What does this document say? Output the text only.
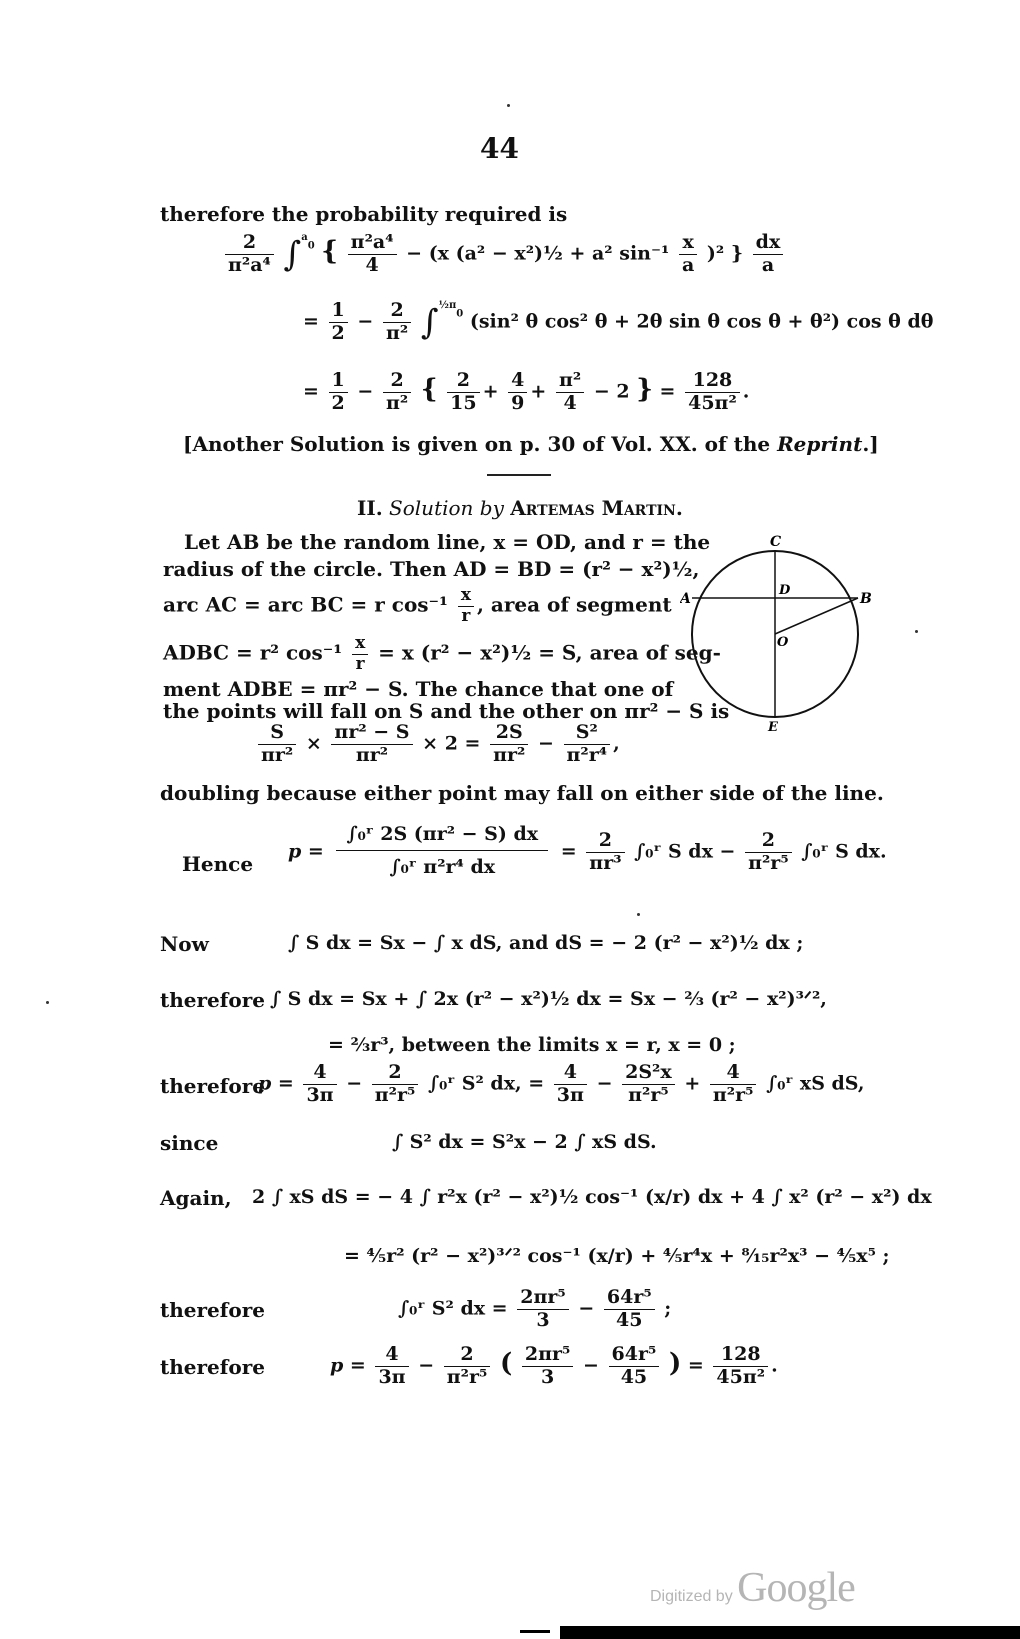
44
therefore the probability required is
$\frac{2}{\text{π²a⁴}} \int^{^a_0}$ { $\frac{\text{π²a⁴}}{4} - (x$ (a² − x²)½ + a² $\sin^{-1} \frac{x}{a} )^2$ } $\frac{dx}{a}$
= $\frac{1}{2} - \frac{2}{\text{π²}} \int^{^{\frac{1}{2}\pi}_0}$ (sin² θ cos² θ + 2θ sin θ cos θ + θ²) cos θ dθ
= $\frac{1}{2} - \frac{2}{\text{π²}}$ { $\frac{2}{15} + \frac{4}{9} + \frac{\text{π²}}{4} - 2$ } = $\frac{128}{\text{45π²}}$ .
[Another Solution is given on p. 30 of Vol. XX. of the Reprint.]
II. Solution by Artemas Martin.
Let AB be the random line, x = OD, and r = the
radius of the circle. Then AD = BD = (r² − x²)½,
arc AC = arc BC = r $\cos^{-1} \frac{x}{r}$ , area of segment
ADBC = r² $\cos^{-1} \frac{x}{r} = x$ (r² − x²)½ = S, area of seg-
ment ADBE = πr² − S. The chance that one of
the points will fall on S and the other on πr² − S is
C
D
A	B
O
E
$\frac{S}{\text{πr²}} \times \frac{\text{πr² − S}}{\text{πr²}} \times 2 = \frac{2S}{\text{πr²}} - \frac{\text{S²}}{\text{π²r⁴}}$ ,
doubling because either point may fall on either side of the line.
Hence
$p = \frac{\text{∫₀ʳ 2S (πr² − S) dx}}{\text{∫₀ʳ π²r⁴ dx}} = \frac{2}{\text{πr³}}$ ∫₀ʳ S dx − $\frac{2}{\text{π²r⁵}}$ ∫₀ʳ S dx.
Now	∫ S dx = Sx − ∫ x dS, and dS = − 2 (r² − x²)½ dx ;
therefore ∫ S dx = Sx + ∫ 2x (r² − x²)½ dx = Sx − ⅔ (r² − x²)³ᐟ²,
= ⅔r³, between the limits x = r, x = 0 ;
therefore
$p = \frac{4}{3\pi} - \frac{2}{\text{π²r⁵}}$ ∫₀ʳ S² dx, = $\frac{4}{3\pi} - \frac{\text{2S²x}}{\text{π²r⁵}} + \frac{4}{\text{π²r⁵}}$ ∫₀ʳ xS dS,
since	∫ S² dx = S²x − 2 ∫ xS dS.
Again, 2 ∫ xS dS = − 4 ∫ r²x (r² − x²)½ cos⁻¹ (x/r) dx + 4 ∫ x² (r² − x²) dx
= ⅘r² (r² − x²)³ᐟ² cos⁻¹ (x/r) + ⅘r⁴x + ⁸⁄₁₅r²x³ − ⅘x⁵ ;
therefore	∫₀ʳ S² dx = $\frac{\text{2πr⁵}}{3} - \frac{\text{64r⁵}}{45}$ ;
therefore	$p = \frac{4}{3\pi} - \frac{2}{\text{π²r⁵}}$ ( $\frac{\text{2πr⁵}}{3} - \frac{\text{64r⁵}}{45}$ ) = $\frac{128}{\text{45π²}}$ .
Digitized by Google
